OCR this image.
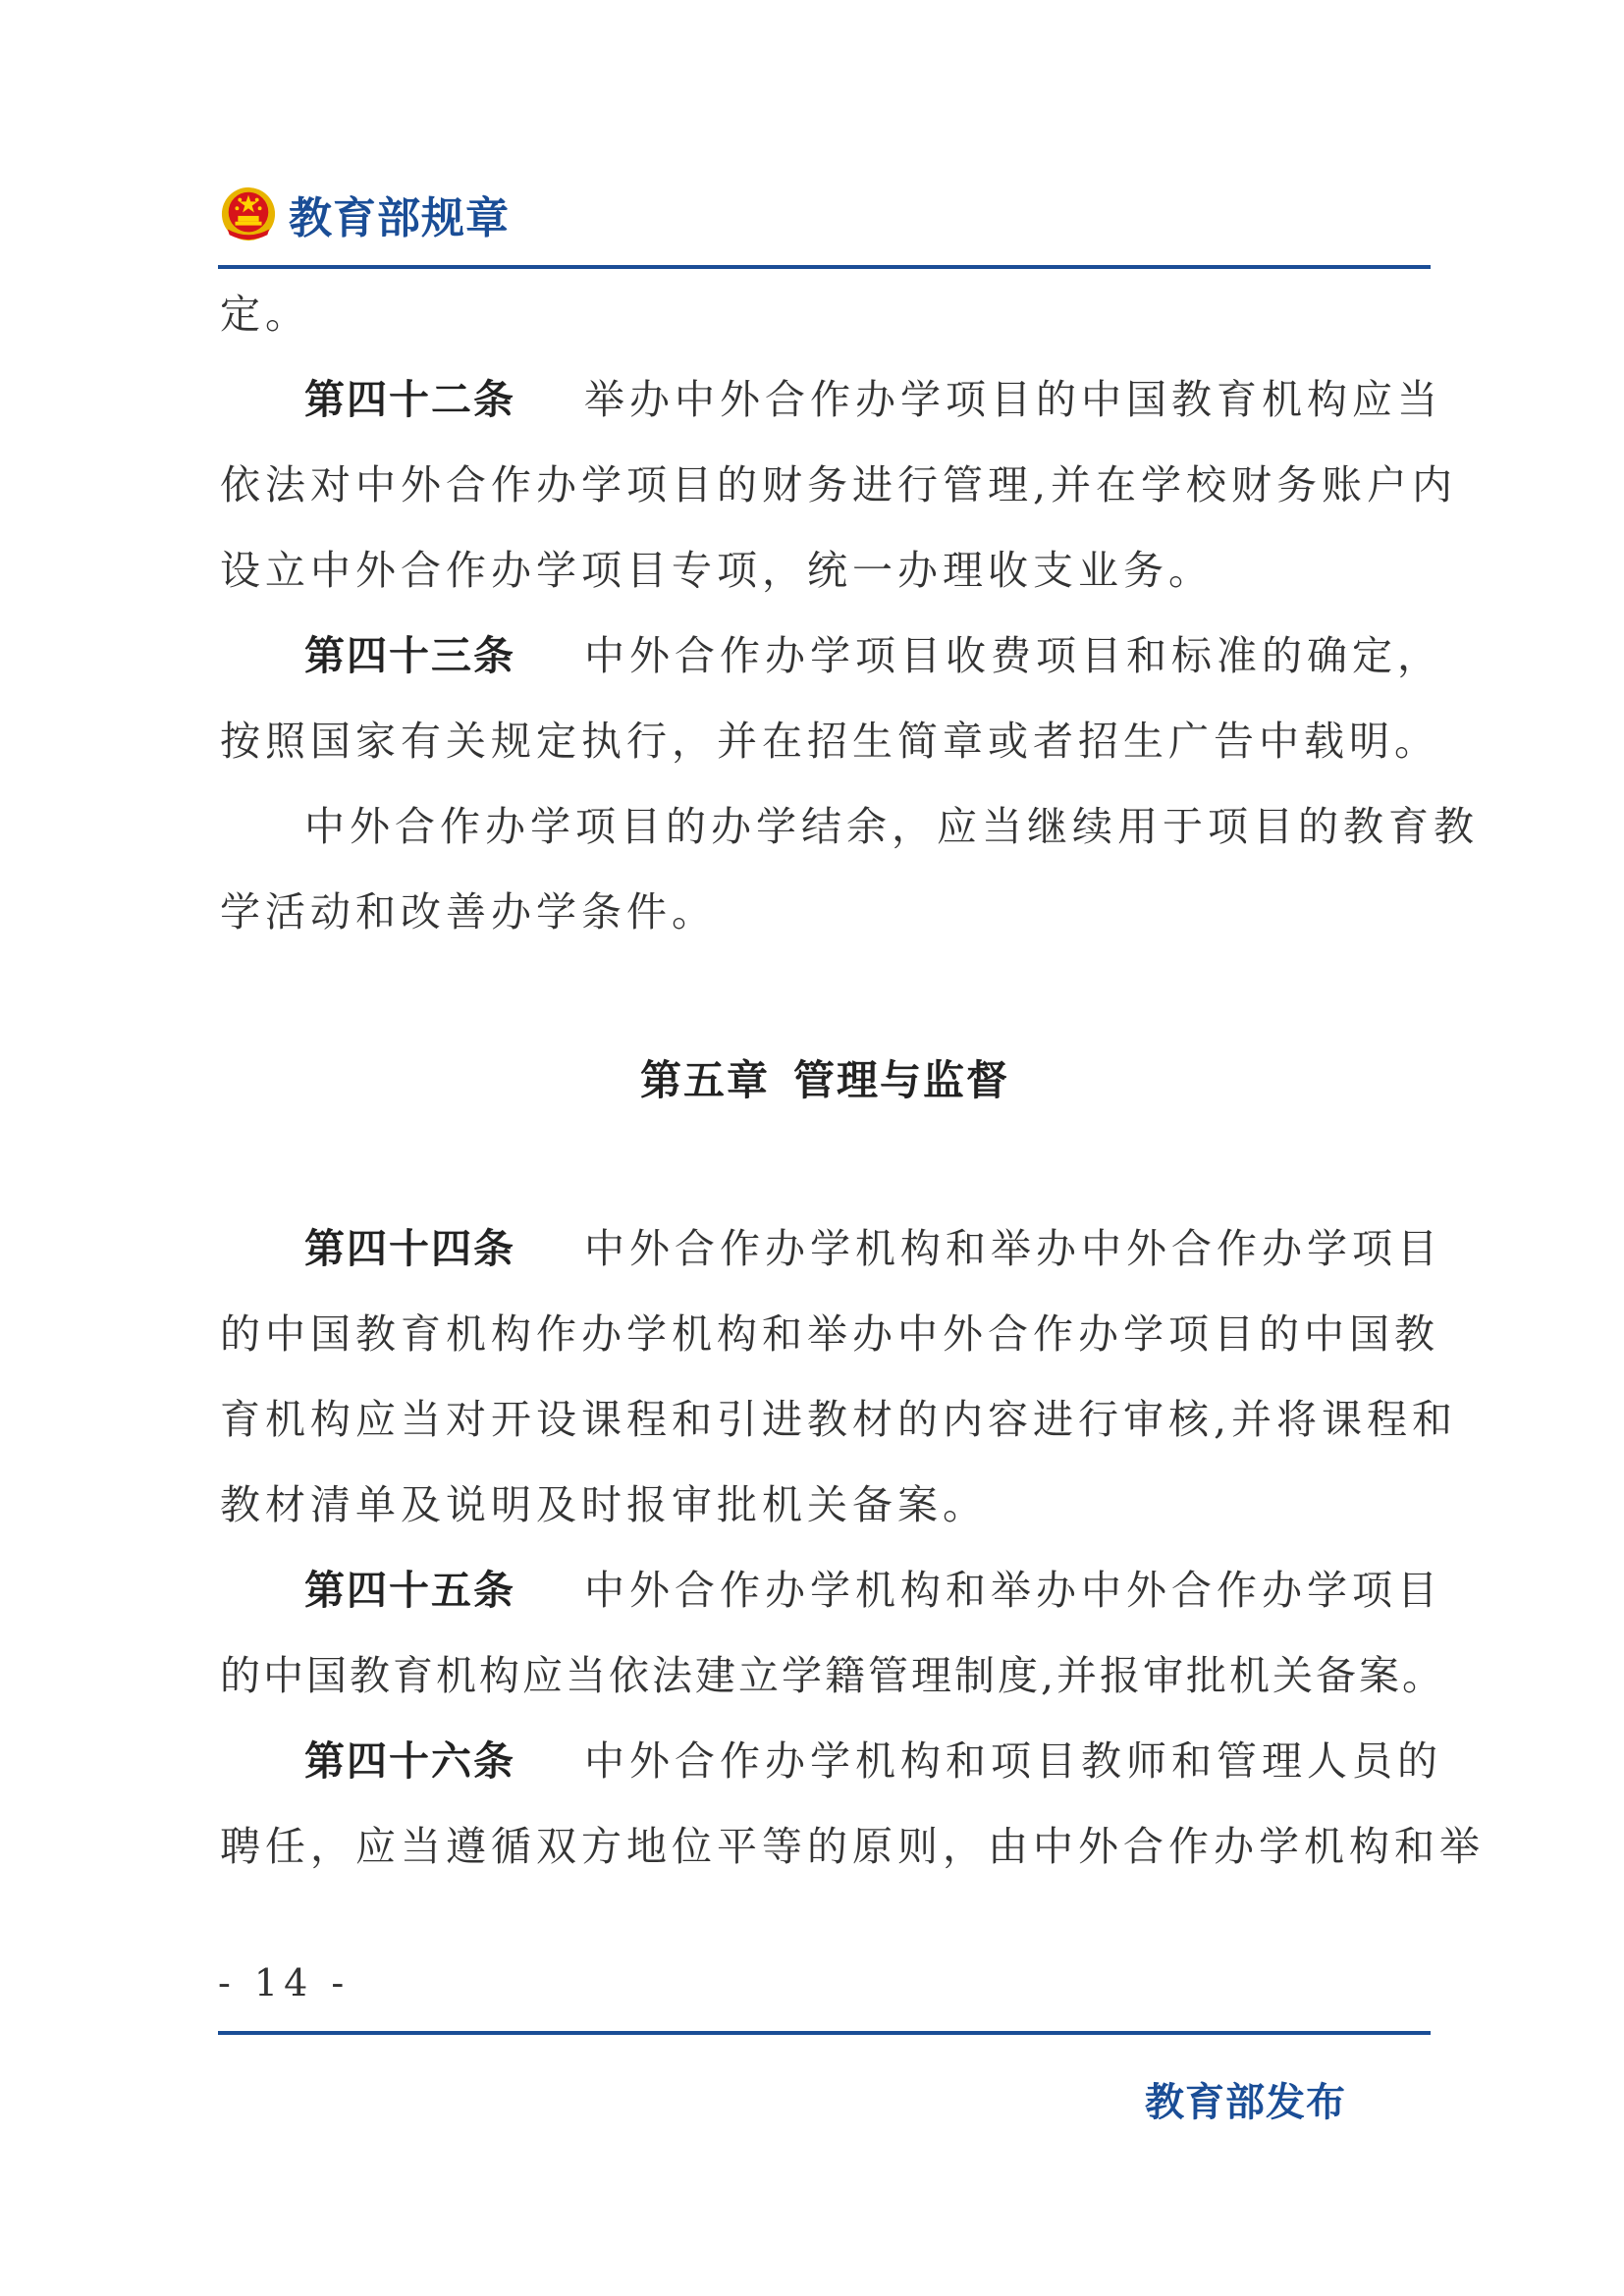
教育部规章
定。
第四十二条 举办中外合作办学项目的中国教育机构应当
依法对中外合作办学项目的财务进行管理,并在学校财务账户内
设立中外合作办学项目专项，统一办理收支业务。
第四十三条 中外合作办学项目收费项目和标准的确定，
按照国家有关规定执行，并在招生简章或者招生广告中载明。
中外合作办学项目的办学结余，应当继续用于项目的教育教
学活动和改善办学条件。
第五章 管理与监督
第四十四条 中外合作办学机构和举办中外合作办学项目
的中国教育机构作办学机构和举办中外合作办学项目的中国教
育机构应当对开设课程和引进教材的内容进行审核,并将课程和
教材清单及说明及时报审批机关备案。
第四十五条 中外合作办学机构和举办中外合作办学项目
的中国教育机构应当依法建立学籍管理制度,并报审批机关备案。
第四十六条 中外合作办学机构和项目教师和管理人员的
聘任，应当遵循双方地位平等的原则，由中外合作办学机构和举
- 14 -
教育部发布
